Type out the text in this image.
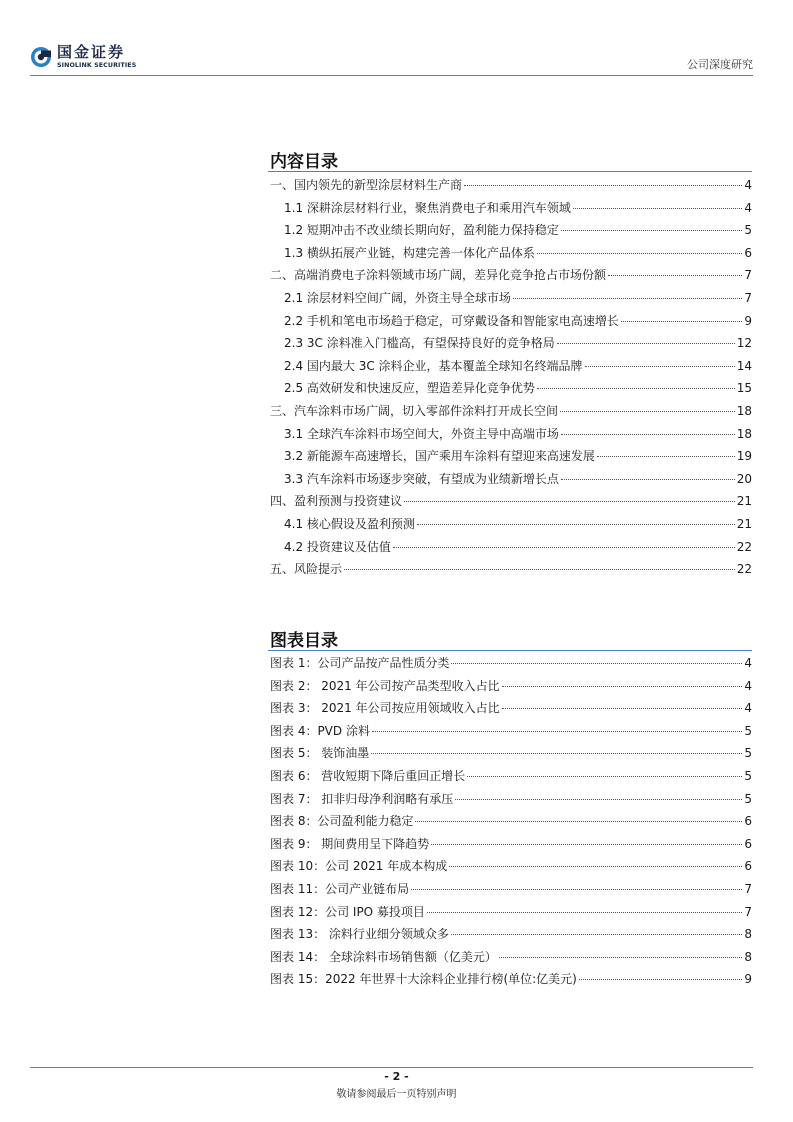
国金证券
SINOLINK SECURITIES	公司深度研究
内容目录
一、国内领先的新型涂层材料生产商	4
1.1 深耕涂层材料行业，聚焦消费电子和乘用汽车领域	4
1.2 短期冲击不改业绩长期向好，盈利能力保持稳定	5
1.3 横纵拓展产业链，构建完善一体化产品体系	6
二、高端消费电子涂料领域市场广阔，差异化竞争抢占市场份额	7
2.1 涂层材料空间广阔，外资主导全球市场	7
2.2 手机和笔电市场趋于稳定，可穿戴设备和智能家电高速增长	9
2.3 3C 涂料准入门槛高，有望保持良好的竞争格局	12
2.4 国内最大 3C 涂料企业，基本覆盖全球知名终端品牌	14
2.5 高效研发和快速反应，塑造差异化竞争优势	15
三、汽车涂料市场广阔，切入零部件涂料打开成长空间	18
3.1 全球汽车涂料市场空间大，外资主导中高端市场	18
3.2 新能源车高速增长，国产乘用车涂料有望迎来高速发展	19
3.3 汽车涂料市场逐步突破，有望成为业绩新增长点	20
四、盈利预测与投资建议	21
4.1 核心假设及盈利预测	21
4.2 投资建议及估值	22
五、风险提示	22
图表目录
图表 1：公司产品按产品性质分类	4
图表 2： 2021 年公司按产品类型收入占比	4
图表 3： 2021 年公司按应用领域收入占比	4
图表 4：PVD 涂料	5
图表 5： 装饰油墨	5
图表 6： 营收短期下降后重回正增长	5
图表 7： 扣非归母净利润略有承压	5
图表 8：公司盈利能力稳定	6
图表 9： 期间费用呈下降趋势	6
图表 10：公司 2021 年成本构成	6
图表 11：公司产业链布局	7
图表 12：公司 IPO 募投项目	7
图表 13： 涂料行业细分领域众多	8
图表 14： 全球涂料市场销售额（亿美元）	8
图表 15：2022 年世界十大涂料企业排行榜(单位:亿美元)	9
- 2 -
敬请参阅最后一页特别声明
